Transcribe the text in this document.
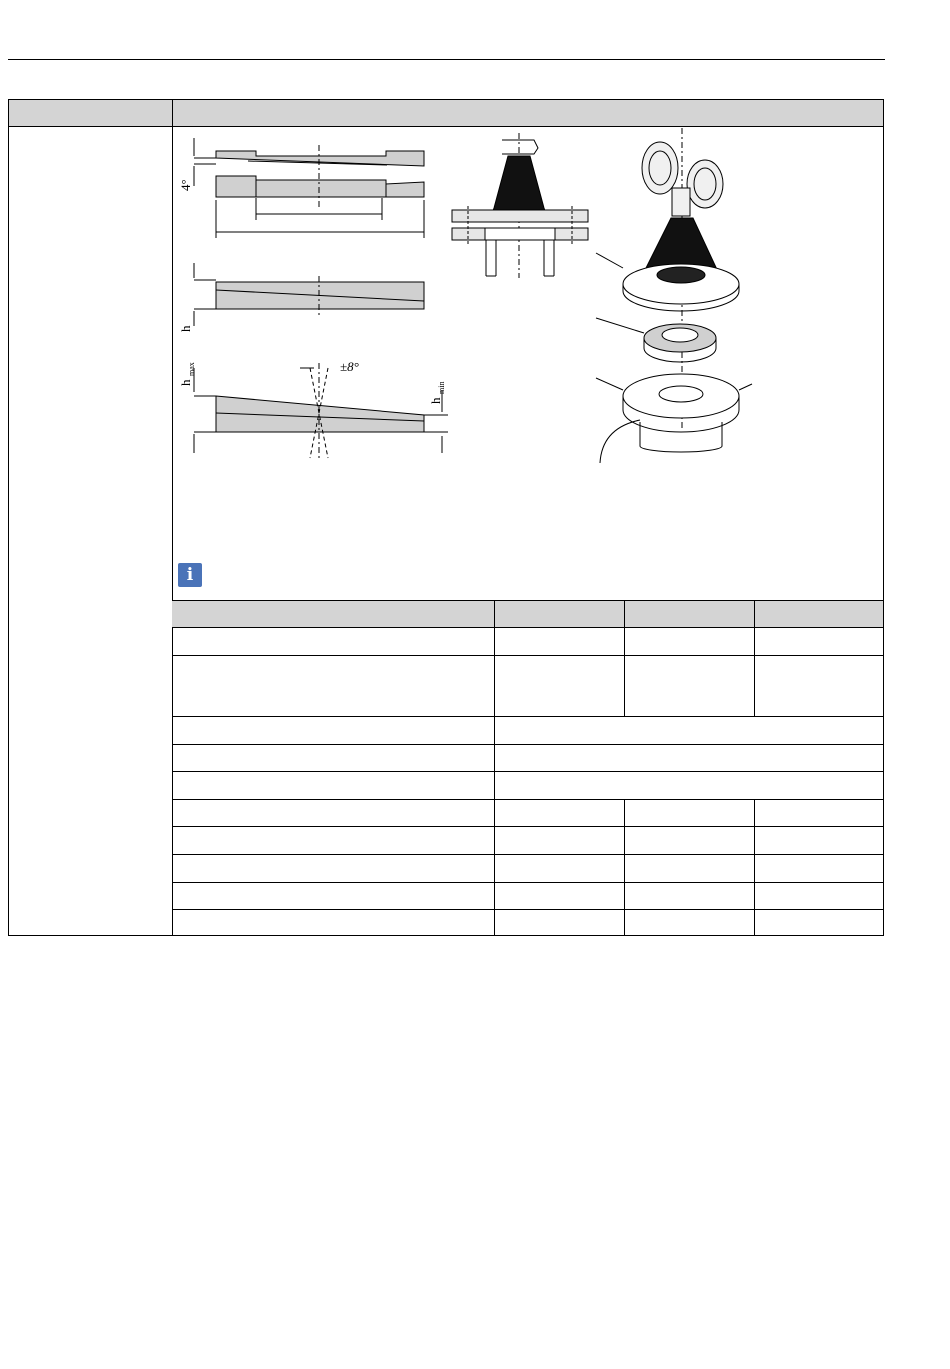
4°
h
h
max
h
min
±8°
i
